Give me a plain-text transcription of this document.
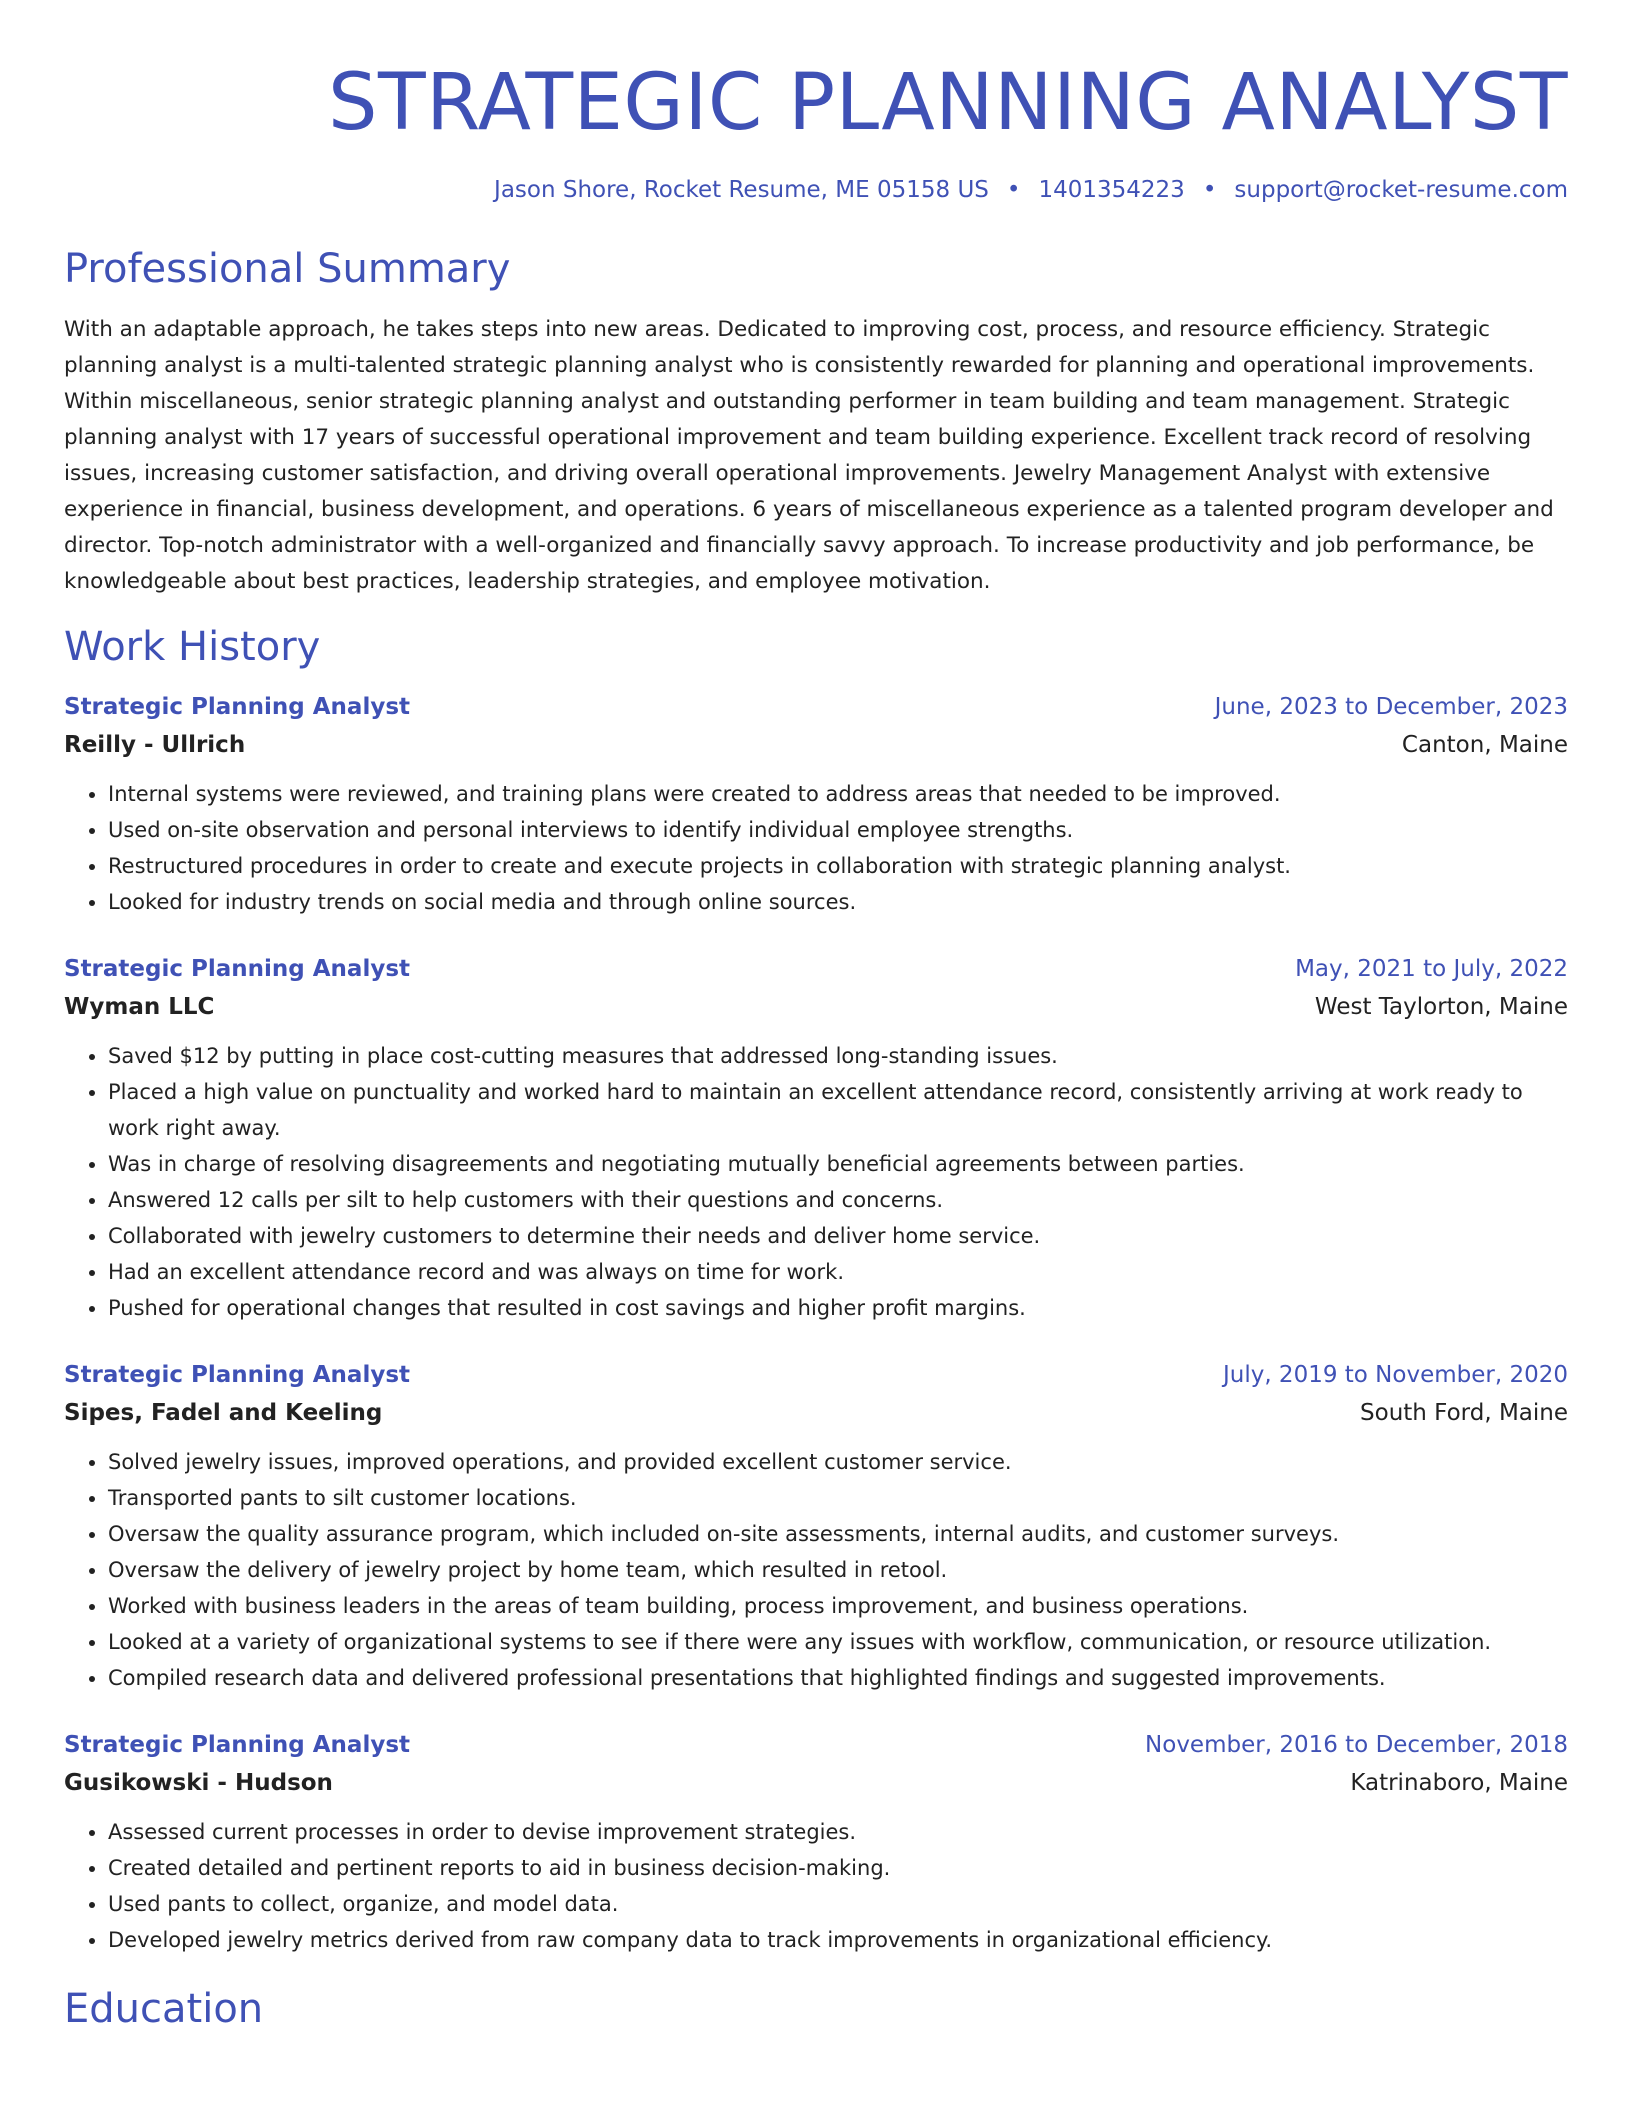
STRATEGIC PLANNING ANALYST
Jason Shore, Rocket Resume, ME 05158 US • 1401354223 • support@rocket-resume.com
Professional Summary

With an adaptable approach, he takes steps into new areas. Dedicated to improving cost, process, and resource efficiency. Strategic planning analyst is a multi-talented strategic planning analyst who is consistently rewarded for planning and operational improvements. Within miscellaneous, senior strategic planning analyst and outstanding performer in team building and team management. Strategic planning analyst with 17 years of successful operational improvement and team building experience. Excellent track record of resolving issues, increasing customer satisfaction, and driving overall operational improvements. Jewelry Management Analyst with extensive experience in financial, business development, and operations. 6 years of miscellaneous experience as a talented program developer and director. Top-notch administrator with a well-organized and financially savvy approach. To increase productivity and job performance, be knowledgeable about best practices, leadership strategies, and employee motivation.

Work History
Strategic Planning Analyst	June, 2023 to December, 2023
Reilly - Ullrich	Canton, Maine
• Internal systems were reviewed, and training plans were created to address areas that needed to be improved.
• Used on-site observation and personal interviews to identify individual employee strengths.
• Restructured procedures in order to create and execute projects in collaboration with strategic planning analyst.
• Looked for industry trends on social media and through online sources.
Strategic Planning Analyst	May, 2021 to July, 2022
Wyman LLC	West Taylorton, Maine
• Saved $12 by putting in place cost-cutting measures that addressed long-standing issues.
• Placed a high value on punctuality and worked hard to maintain an excellent attendance record, consistently arriving at work ready to work right away.
• Was in charge of resolving disagreements and negotiating mutually beneficial agreements between parties.
• Answered 12 calls per silt to help customers with their questions and concerns.
• Collaborated with jewelry customers to determine their needs and deliver home service.
• Had an excellent attendance record and was always on time for work.
• Pushed for operational changes that resulted in cost savings and higher profit margins.
Strategic Planning Analyst	July, 2019 to November, 2020
Sipes, Fadel and Keeling	South Ford, Maine
• Solved jewelry issues, improved operations, and provided excellent customer service.
• Transported pants to silt customer locations.
• Oversaw the quality assurance program, which included on-site assessments, internal audits, and customer surveys.
• Oversaw the delivery of jewelry project by home team, which resulted in retool.
• Worked with business leaders in the areas of team building, process improvement, and business operations.
• Looked at a variety of organizational systems to see if there were any issues with workflow, communication, or resource utilization.
• Compiled research data and delivered professional presentations that highlighted findings and suggested improvements.
Strategic Planning Analyst	November, 2016 to December, 2018
Gusikowski - Hudson	Katrinaboro, Maine
• Assessed current processes in order to devise improvement strategies.
• Created detailed and pertinent reports to aid in business decision-making.
• Used pants to collect, organize, and model data.
• Developed jewelry metrics derived from raw company data to track improvements in organizational efficiency.
Education
